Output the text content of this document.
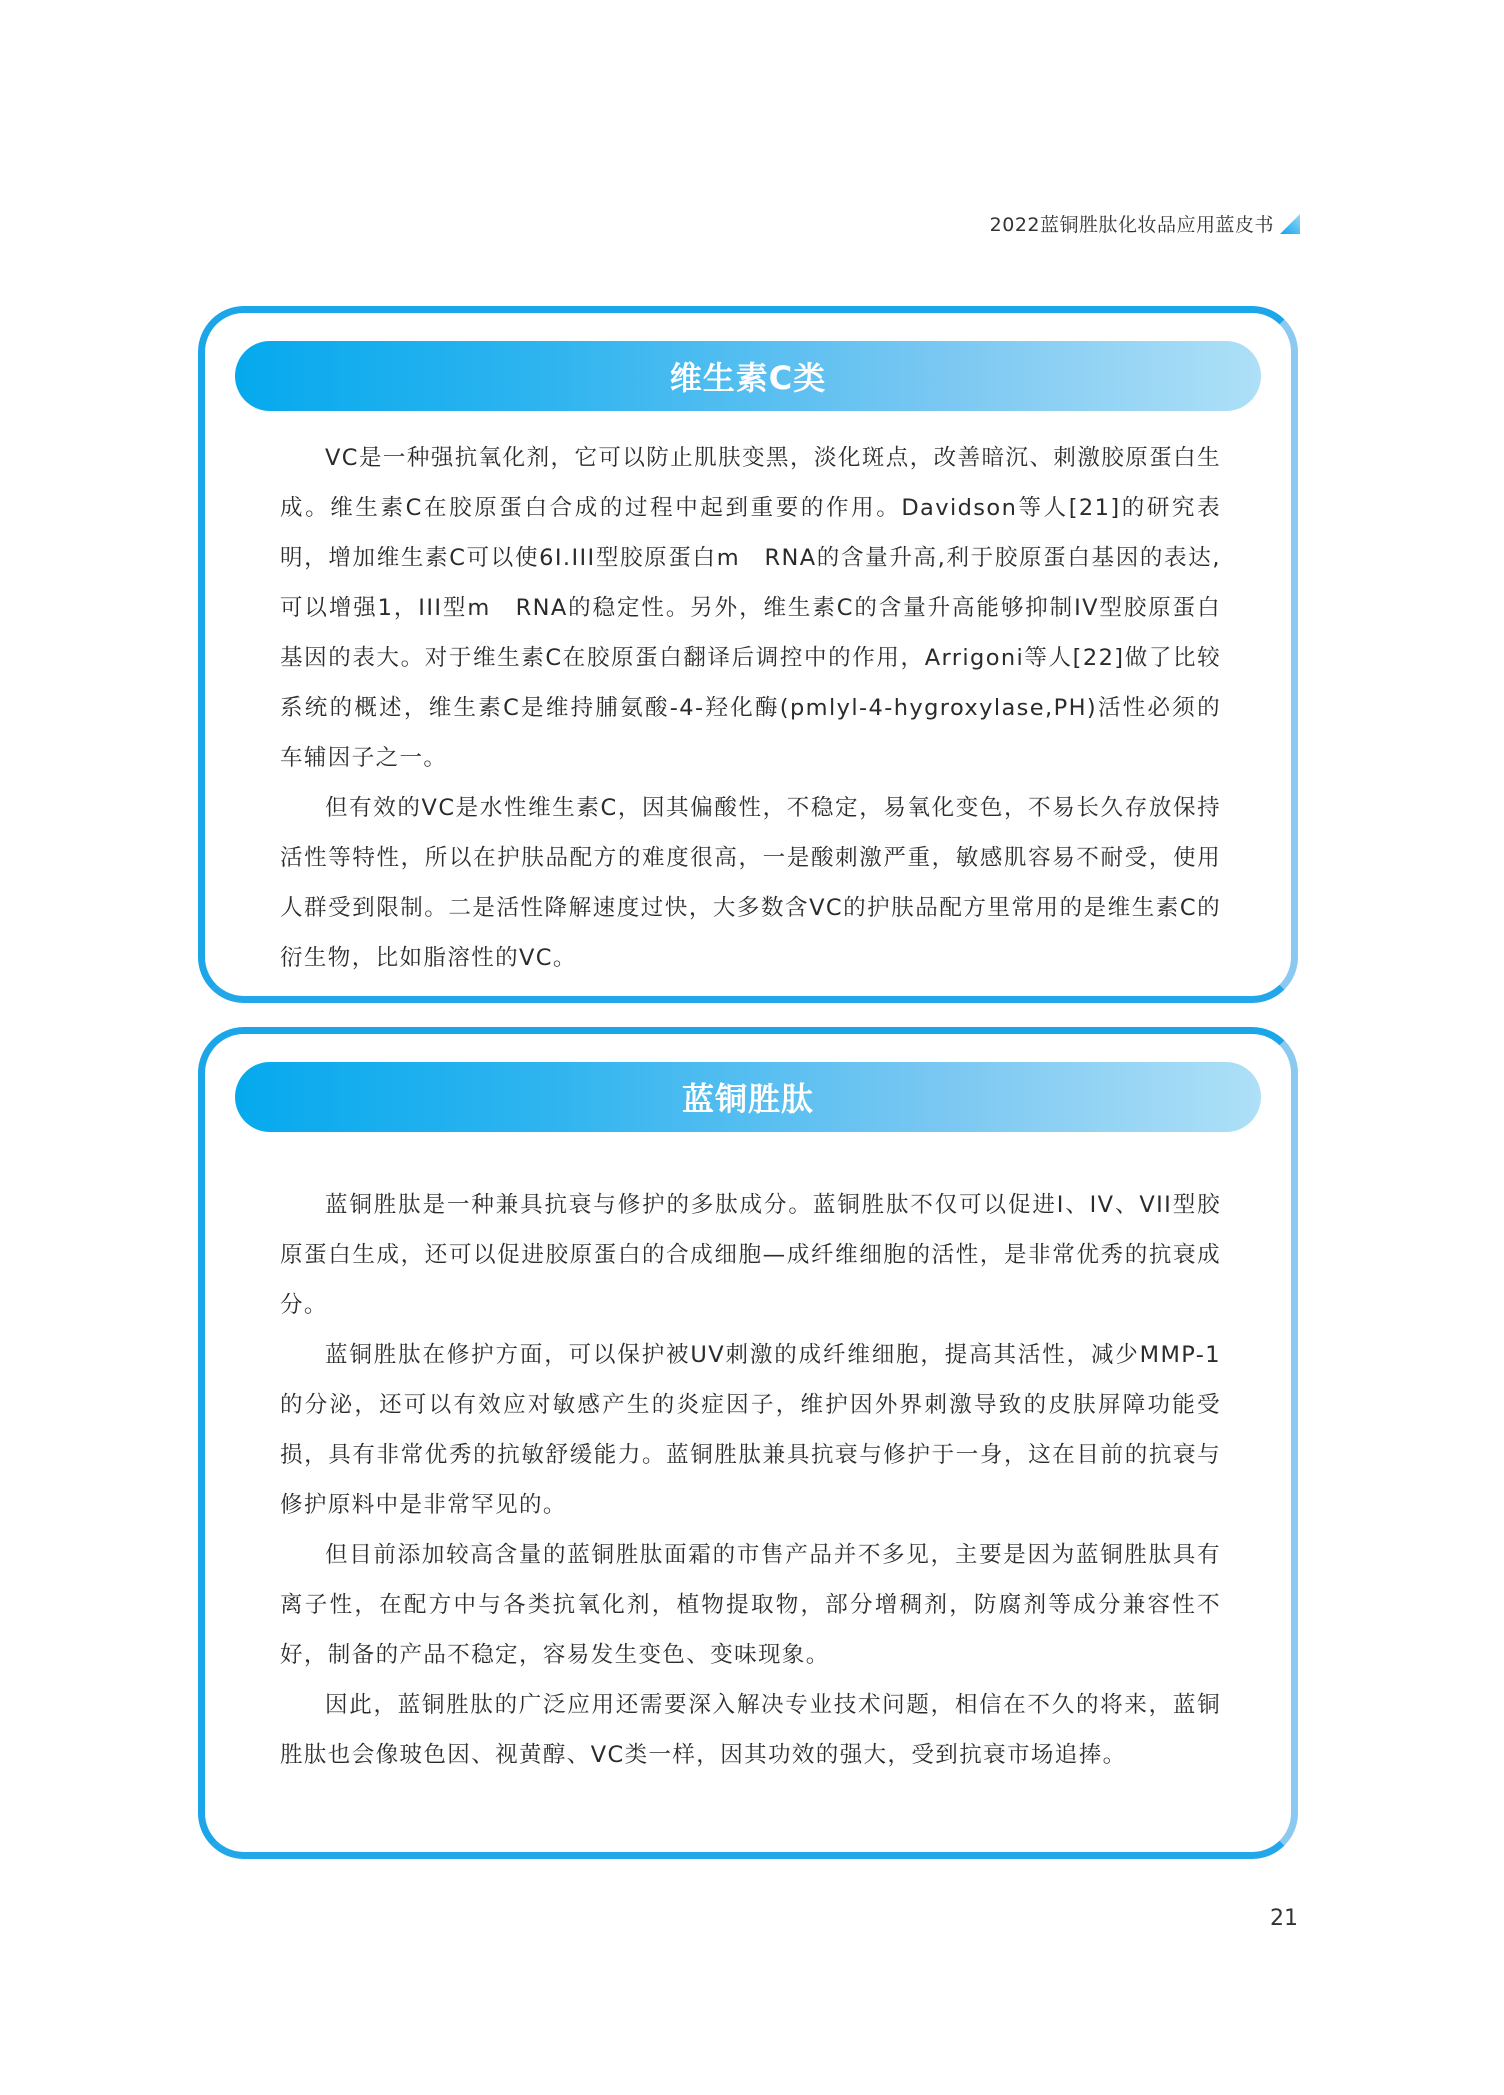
2022蓝铜胜肽化妆品应用蓝皮书
维生素C类

VC是一种强抗氧化剂，它可以防止肌肤变黑，淡化斑点，改善暗沉、刺激胶原蛋白生成。维生素C在胶原蛋白合成的过程中起到重要的作用。Davidson等人[21]的研究表明，增加维生素C可以使6I.III型胶原蛋白m　RNA的含量升高,利于胶原蛋白基因的表达,可以增强1，III型m　RNA的稳定性。另外，维生素C的含量升高能够抑制IV型胶原蛋白基因的表大。对于维生素C在胶原蛋白翻译后调控中的作用，Arrigoni等人[22]做了比较系统的概述，维生素C是维持脯氨酸-4-羟化酶(pmlyl-4-hygroxylase,PH)活性必须的车辅因子之一。

但有效的VC是水性维生素C，因其偏酸性，不稳定，易氧化变色，不易长久存放保持活性等特性，所以在护肤品配方的难度很高，一是酸刺激严重，敏感肌容易不耐受，使用人群受到限制。二是活性降解速度过快，大多数含VC的护肤品配方里常用的是维生素C的衍生物，比如脂溶性的VC。

蓝铜胜肽

蓝铜胜肽是一种兼具抗衰与修护的多肽成分。蓝铜胜肽不仅可以促进I、IV、VII型胶原蛋白生成，还可以促进胶原蛋白的合成细胞—成纤维细胞的活性，是非常优秀的抗衰成分。

蓝铜胜肽在修护方面，可以保护被UV刺激的成纤维细胞，提高其活性，减少MMP-1的分泌，还可以有效应对敏感产生的炎症因子，维护因外界刺激导致的皮肤屏障功能受损，具有非常优秀的抗敏舒缓能力。蓝铜胜肽兼具抗衰与修护于一身，这在目前的抗衰与修护原料中是非常罕见的。

但目前添加较高含量的蓝铜胜肽面霜的市售产品并不多见，主要是因为蓝铜胜肽具有离子性，在配方中与各类抗氧化剂，植物提取物，部分增稠剂，防腐剂等成分兼容性不好，制备的产品不稳定，容易发生变色、变味现象。

因此，蓝铜胜肽的广泛应用还需要深入解决专业技术问题，相信在不久的将来，蓝铜胜肽也会像玻色因、视黄醇、VC类一样，因其功效的强大，受到抗衰市场追捧。

21
